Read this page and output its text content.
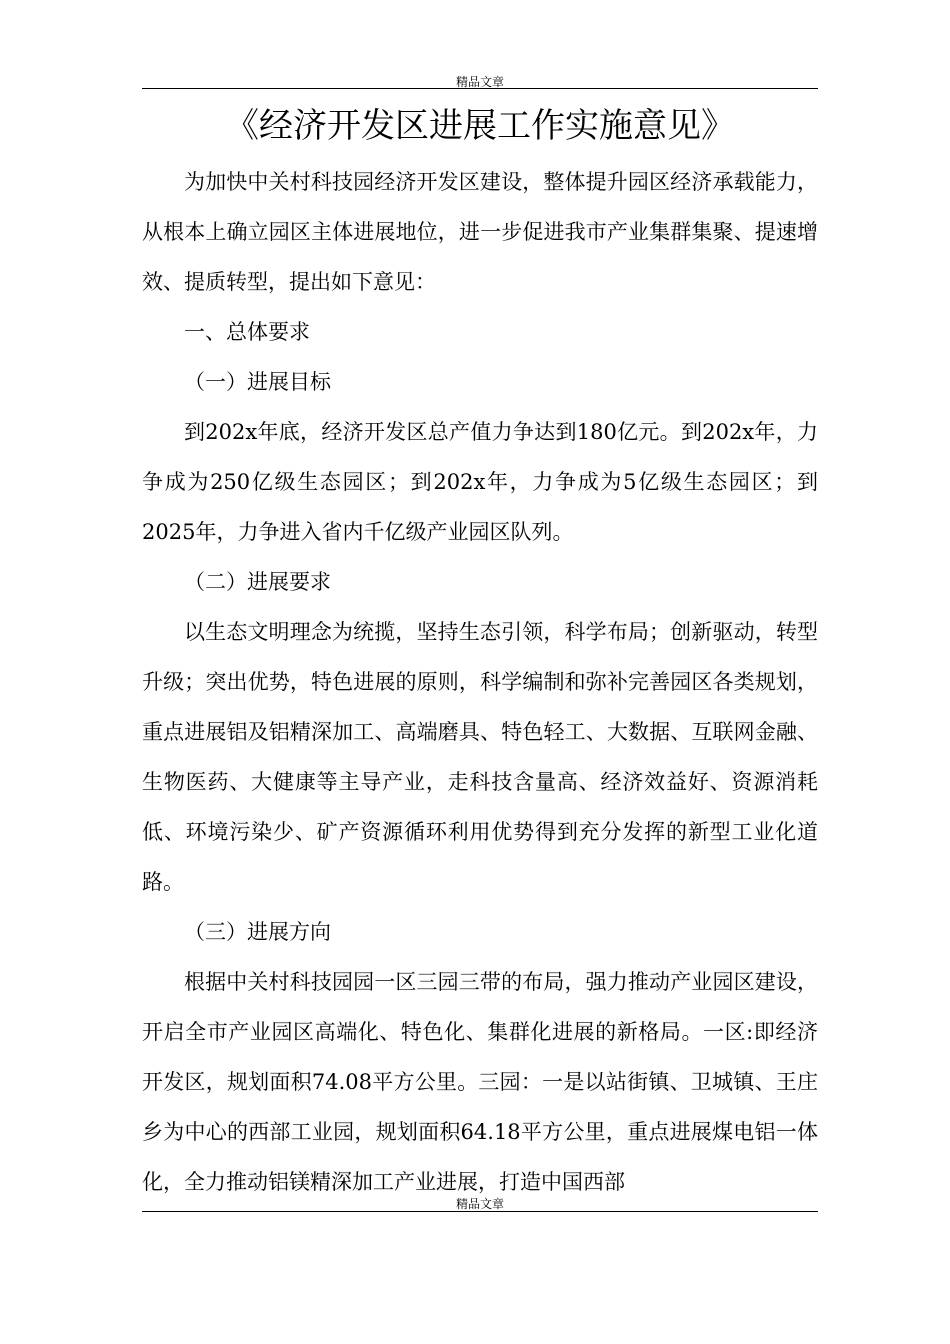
精品文章
《经济开发区进展工作实施意见》

为加快中关村科技园经济开发区建设，整体提升园区经济承载能力，从根本上确立园区主体进展地位，进一步促进我市产业集群集聚、提速增效、提质转型，提出如下意见：

一、总体要求

（一）进展目标

到202x年底，经济开发区总产值力争达到180亿元。到202x年，力争成为250亿级生态园区；到202x年，力争成为5亿级生态园区；到2025年，力争进入省内千亿级产业园区队列。

（二）进展要求

以生态文明理念为统揽，坚持生态引领，科学布局；创新驱动，转型升级；突出优势，特色进展的原则，科学编制和弥补完善园区各类规划，重点进展铝及铝精深加工、高端磨具、特色轻工、大数据、互联网金融、生物医药、大健康等主导产业，走科技含量高、经济效益好、资源消耗低、环境污染少、矿产资源循环利用优势得到充分发挥的新型工业化道路。

（三）进展方向

根据中关村科技园园一区三园三带的布局，强力推动产业园区建设，开启全市产业园区高端化、特色化、集群化进展的新格局。一区:即经济开发区，规划面积74.08平方公里。三园：一是以站街镇、卫城镇、王庄乡为中心的西部工业园，规划面积64.18平方公里，重点进展煤电铝一体化，全力推动铝镁精深加工产业进展，打造中国西部

精品文章
